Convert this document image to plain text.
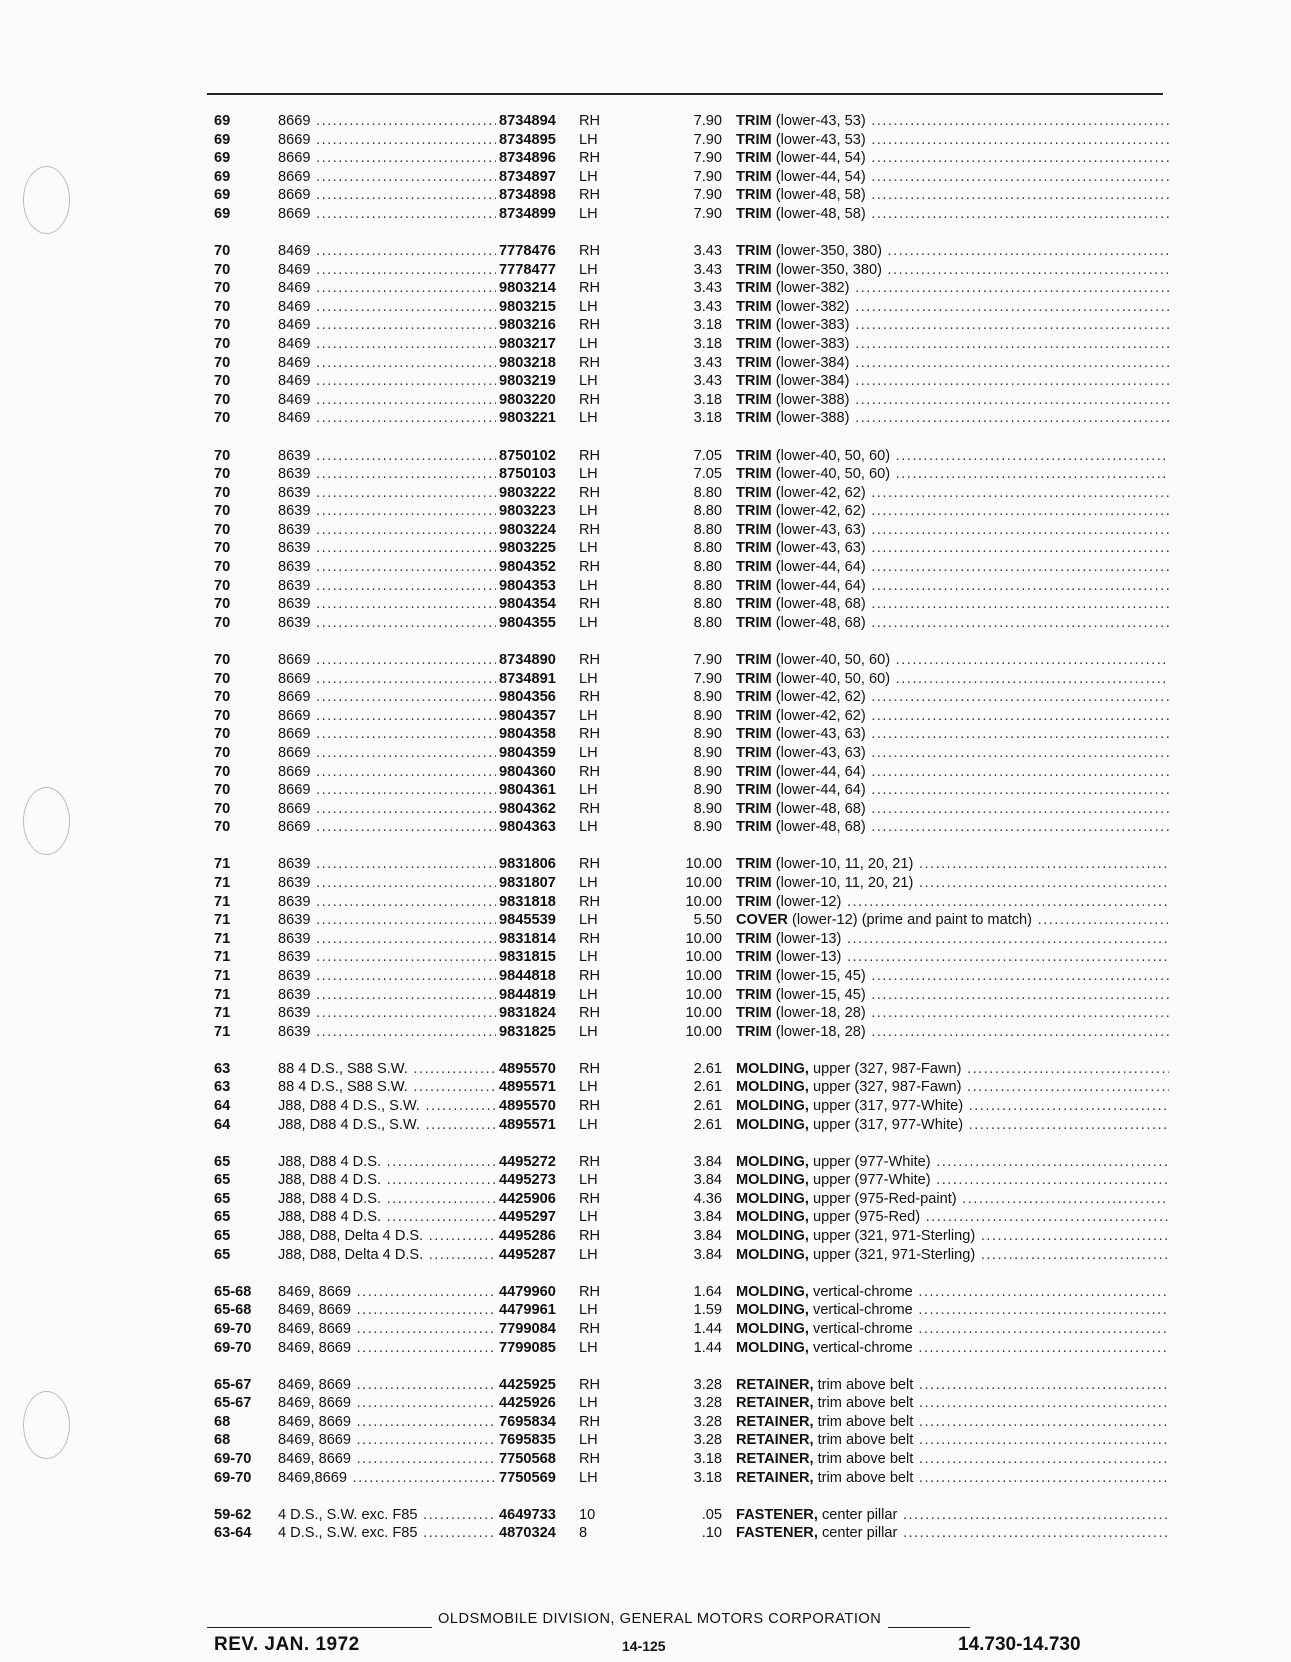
69	8669 .....	8734894 RH	7.90 TRIM (lower-43, 53) .....
69	8669 .....	8734895 LH	7.90 TRIM (lower-43, 53) .....
69	8669 .....	8734896 RH	7.90 TRIM (lower-44, 54) .....
69	8669 .....	8734897 LH	7.90 TRIM (lower-44, 54) .....
69	8669 .....	8734898 RH	7.90 TRIM (lower-48, 58) .....
69	8669 .....	8734899 LH	7.90 TRIM (lower-48, 58) .....
70	8469 .....	7778476 RH	3.43 TRIM (lower-350, 380) .....
70	8469 .....	7778477 LH	3.43 TRIM (lower-350, 380) .....
70	8469 .....	9803214 RH	3.43 TRIM (lower-382) .....
70	8469 .....	9803215 LH	3.43 TRIM (lower-382) .....
70	8469 .....	9803216 RH	3.18 TRIM (lower-383) .....
70	8469 .....	9803217 LH	3.18 TRIM (lower-383) .....
70	8469 .....	9803218 RH	3.43 TRIM (lower-384) .....
70	8469 .....	9803219 LH	3.43 TRIM (lower-384) .....
70	8469 .....	9803220 RH	3.18 TRIM (lower-388) .....
70	8469 .....	9803221 LH	3.18 TRIM (lower-388) .....
70	8639 .....	8750102 RH	7.05 TRIM (lower-40, 50, 60) .....
70	8639 .....	8750103 LH	7.05 TRIM (lower-40, 50, 60) .....
70	8639 .....	9803222 RH	8.80 TRIM (lower-42, 62) .....
70	8639 .....	9803223 LH	8.80 TRIM (lower-42, 62) .....
70	8639 .....	9803224 RH	8.80 TRIM (lower-43, 63) .....
70	8639 .....	9803225 LH	8.80 TRIM (lower-43, 63) .....
70	8639 .....	9804352 RH	8.80 TRIM (lower-44, 64) .....
70	8639 .....	9804353 LH	8.80 TRIM (lower-44, 64) .....
70	8639 .....	9804354 RH	8.80 TRIM (lower-48, 68) .....
70	8639 .....	9804355 LH	8.80 TRIM (lower-48, 68) .....
70	8669 .....	8734890 RH	7.90 TRIM (lower-40, 50, 60) .....
70	8669 .....	8734891 LH	7.90 TRIM (lower-40, 50, 60) .....
70	8669 .....	9804356 RH	8.90 TRIM (lower-42, 62) .....
70	8669 .....	9804357 LH	8.90 TRIM (lower-42, 62) .....
70	8669 .....	9804358 RH	8.90 TRIM (lower-43, 63) .....
70	8669 .....	9804359 LH	8.90 TRIM (lower-43, 63) .....
70	8669 .....	9804360 RH	8.90 TRIM (lower-44, 64) .....
70	8669 .....	9804361 LH	8.90 TRIM (lower-44, 64) .....
70	8669 .....	9804362 RH	8.90 TRIM (lower-48, 68) .....
70	8669 .....	9804363 LH	8.90 TRIM (lower-48, 68) .....
71	8639 .....	9831806 RH	10.00 TRIM (lower-10, 11, 20, 21) .....
71	8639 .....	9831807 LH	10.00 TRIM (lower-10, 11, 20, 21) .....
71	8639 .....	9831818 RH	10.00 TRIM (lower-12) .....
71	8639 .....	9845539 LH	5.50 COVER (lower-12) (prime and paint to match) .....
71	8639 .....	9831814 RH	10.00 TRIM (lower-13) .....
71	8639 .....	9831815 LH	10.00 TRIM (lower-13) .....
71	8639 .....	9844818 RH	10.00 TRIM (lower-15, 45) .....
71	8639 .....	9844819 LH	10.00 TRIM (lower-15, 45) .....
71	8639 .....	9831824 RH	10.00 TRIM (lower-18, 28) .....
71	8639 .....	9831825 LH	10.00 TRIM (lower-18, 28) .....
63	88 4 D.S., S88 S.W. .....	4895570 RH	2.61 MOLDING, upper (327, 987-Fawn) .....
63	88 4 D.S., S88 S.W. .....	4895571 LH	2.61 MOLDING, upper (327, 987-Fawn) .....
64	J88, D88 4 D.S., S.W. .....	4895570 RH	2.61 MOLDING, upper (317, 977-White) .....
64	J88, D88 4 D.S., S.W. .....	4895571 LH	2.61 MOLDING, upper (317, 977-White) .....
65	J88, D88 4 D.S. .....	4495272 RH	3.84 MOLDING, upper (977-White) .....
65	J88, D88 4 D.S. .....	4495273 LH	3.84 MOLDING, upper (977-White) .....
65	J88, D88 4 D.S. .....	4425906 RH	4.36 MOLDING, upper (975-Red-paint) .....
65	J88, D88 4 D.S. .....	4495297 LH	3.84 MOLDING, upper (975-Red) .....
65	J88, D88, Delta 4 D.S. .....	4495286 RH	3.84 MOLDING, upper (321, 971-Sterling) .....
65	J88, D88, Delta 4 D.S. .....	4495287 LH	3.84 MOLDING, upper (321, 971-Sterling) .....
65-68	8469, 8669 .....	4479960 RH	1.64 MOLDING, vertical-chrome .....
65-68	8469, 8669 .....	4479961 LH	1.59 MOLDING, vertical-chrome .....
69-70	8469, 8669 .....	7799084 RH	1.44 MOLDING, vertical-chrome .....
69-70	8469, 8669 .....	7799085 LH	1.44 MOLDING, vertical-chrome .....
65-67	8469, 8669 .....	4425925 RH	3.28 RETAINER, trim above belt .....
65-67	8469, 8669 .....	4425926 LH	3.28 RETAINER, trim above belt .....
68	8469, 8669 .....	7695834 RH	3.28 RETAINER, trim above belt .....
68	8469, 8669 .....	7695835 LH	3.28 RETAINER, trim above belt .....
69-70	8469, 8669 .....	7750568 RH	3.18 RETAINER, trim above belt .....
69-70	8469,8669 .....	7750569 LH	3.18 RETAINER, trim above belt .....
59-62	4 D.S., S.W. exc. F85 .....	4649733 10	.05 FASTENER, center pillar .....
63-64	4 D.S., S.W. exc. F85 .....	4870324 8	.10 FASTENER, center pillar .....
OLDSMOBILE DIVISION, GENERAL MOTORS CORPORATION
REV. JAN. 1972	14-125	14.730-14.730
